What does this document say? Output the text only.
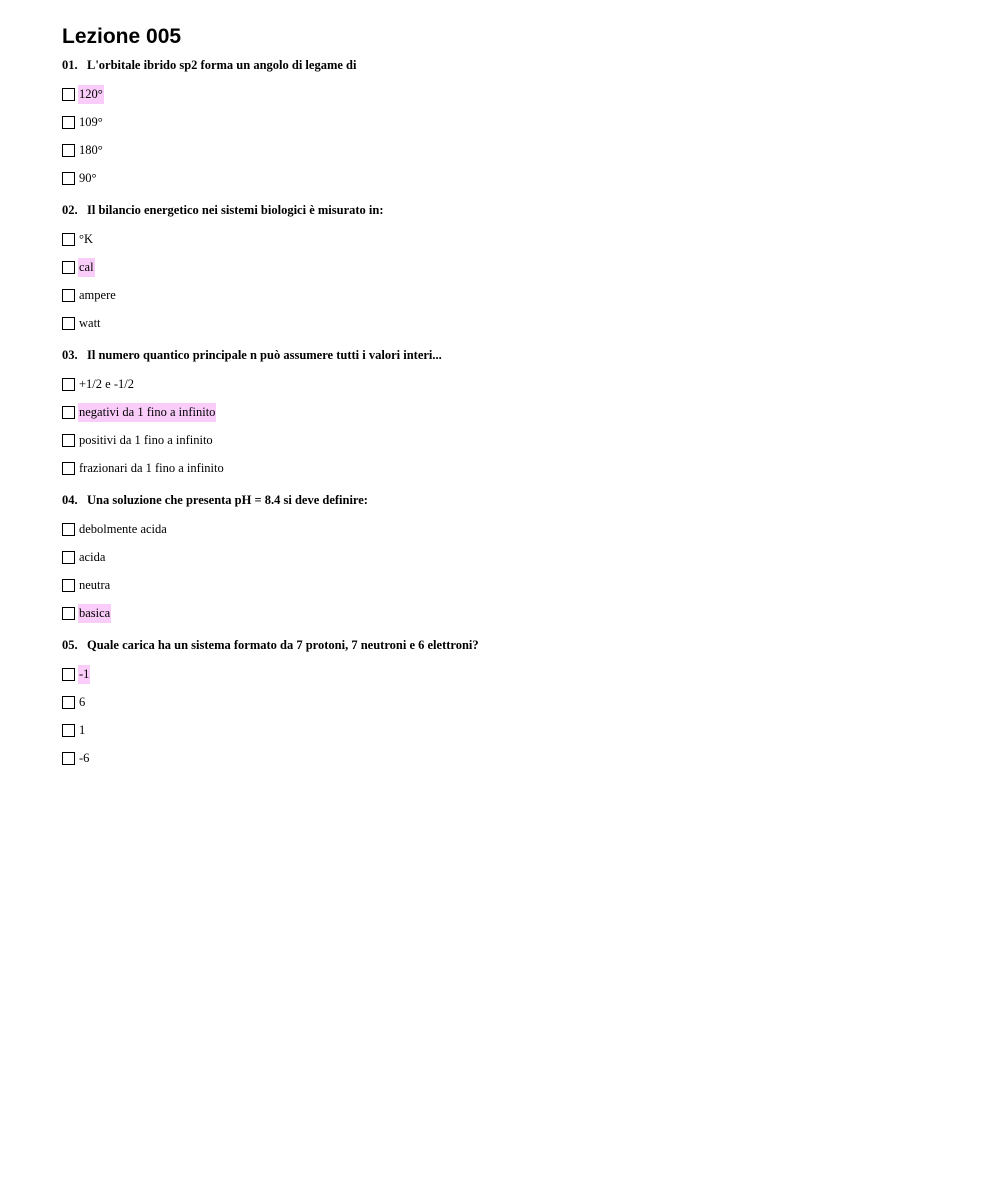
Lezione 005
01. L'orbitale ibrido sp2 forma un angolo di legame di
120°
109°
180°
90°
02. Il bilancio energetico nei sistemi biologici è misurato in:
°K
cal
ampere
watt
03. Il numero quantico principale n può assumere tutti i valori interi...
+1/2 e -1/2
negativi da 1 fino a infinito
positivi da 1 fino a infinito
frazionari da 1 fino a infinito
04. Una soluzione che presenta pH = 8.4 si deve definire:
debolmente acida
acida
neutra
basica
05. Quale carica ha un sistema formato da 7 protoni, 7 neutroni e 6 elettroni?
-1
6
1
-6
